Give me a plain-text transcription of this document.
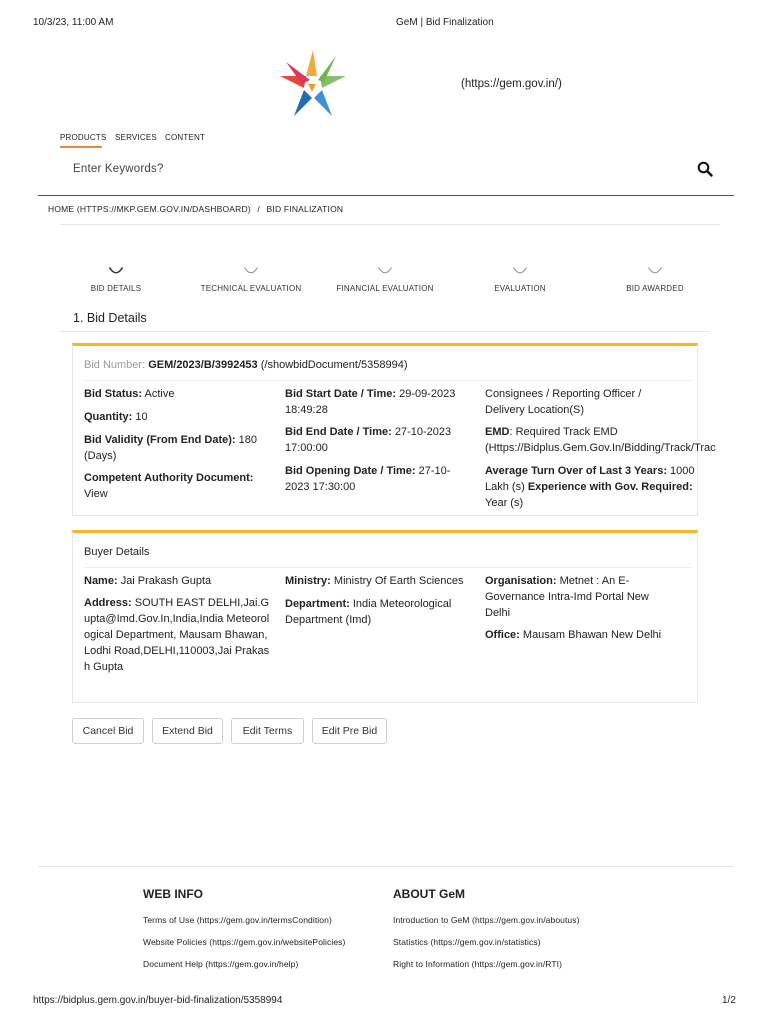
10/3/23, 11:00 AM	GeM | Bid Finalization
(https://gem.gov.in/)
PRODUCTS SERVICES CONTENT
Enter Keywords?
HOME (HTTPS://MKP.GEM.GOV.IN/DASHBOARD) / BID FINALIZATION
BID DETAILS	TECHNICAL EVALUATION	FINANCIAL EVALUATION	EVALUATION	BID AWARDED
1. Bid Details
Bid Number: GEM/2023/B/3992453 (/showbidDocument/5358994)
Bid Status: Active
Quantity: 10
Bid Validity (From End Date): 180 (Days)
Competent Authority Document:
View
Bid Start Date / Time: 29-09-2023 18:49:28
Bid End Date / Time: 27-10-2023 17:00:00
Bid Opening Date / Time: 27-10-2023 17:30:00
Consignees / Reporting Officer / Delivery Location(S)
EMD: Required Track EMD (Https://Bidplus.Gem.Gov.In/Bidding/Track/Trac
Average Turn Over of Last 3 Years: 1000 Lakh (s) Experience with Gov. Required: Year (s)
Buyer Details
Name: Jai Prakash Gupta
Address: SOUTH EAST DELHI,Jai.Gupta@Imd.Gov.In,India,India Meteorological Department, Mausam Bhawan, Lodhi Road,DELHI,110003,Jai Prakash Gupta
Ministry: Ministry Of Earth Sciences
Department: India Meteorological Department (Imd)
Organisation: Metnet : An E-Governance Intra-Imd Portal New Delhi
Office: Mausam Bhawan New Delhi
Cancel Bid	Extend Bid	Edit Terms	Edit Pre Bid
WEB INFO
Terms of Use (https://gem.gov.in/termsCondition)
Website Policies (https://gem.gov.in/websitePolicies)
Document Help (https://gem.gov.in/help)
ABOUT GeM
Introduction to GeM (https://gem.gov.in/aboutus)
Statistics (https://gem.gov.in/statistics)
Right to Information (https://gem.gov.in/RTI)
https://bidplus.gem.gov.in/buyer-bid-finalization/5358994	1/2
